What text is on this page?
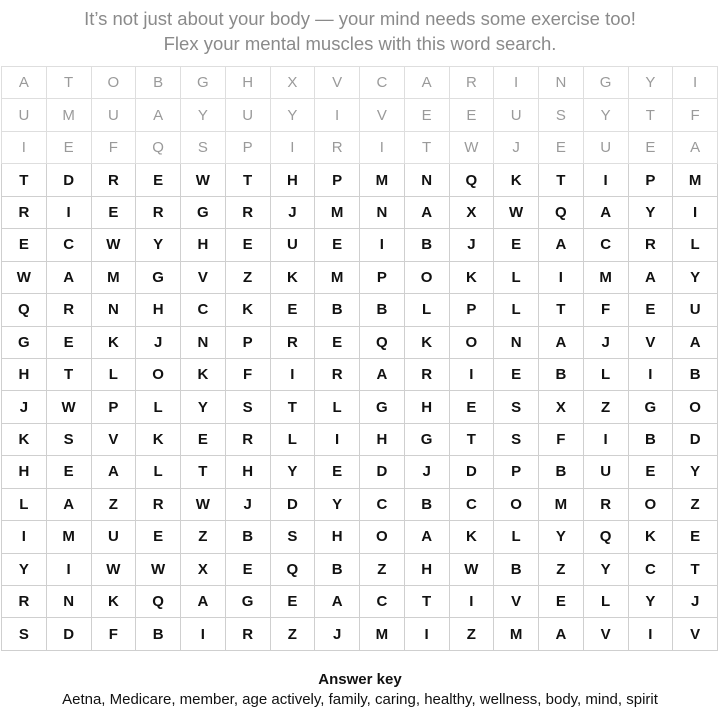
It’s not just about your body — your mind needs some exercise too!
Flex your mental muscles with this word search.
A	T	O	B	G	H	X	V	C	A	R	I	N	G	Y	I
U	M	U	A	Y	U	Y	I	V	E	E	U	S	Y	T	F
I	E	F	Q	S	P	I	R	I	T	W	J	E	U	E	A
T	D	R	E	W	T	H	P	M	N	Q	K	T	I	P	M
R	I	E	R	G	R	J	M	N	A	X	W	Q	A	Y	I
E	C	W	Y	H	E	U	E	I	B	J	E	A	C	R	L
W	A	M	G	V	Z	K	M	P	O	K	L	I	M	A	Y
Q	R	N	H	C	K	E	B	B	L	P	L	T	F	E	U
G	E	K	J	N	P	R	E	Q	K	O	N	A	J	V	A
H	T	L	O	K	F	I	R	A	R	I	E	B	L	I	B
J	W	P	L	Y	S	T	L	G	H	E	S	X	Z	G	O
K	S	V	K	E	R	L	I	H	G	T	S	F	I	B	D
H	E	A	L	T	H	Y	E	D	J	D	P	B	U	E	Y
L	A	Z	R	W	J	D	Y	C	B	C	O	M	R	O	Z
I	M	U	E	Z	B	S	H	O	A	K	L	Y	Q	K	E
Y	I	W	W	X	E	Q	B	Z	H	W	B	Z	Y	C	T
R	N	K	Q	A	G	E	A	C	T	I	V	E	L	Y	J
S	D	F	B	I	R	Z	J	M	I	Z	M	A	V	I	V
Answer key
Aetna, Medicare, member, age actively, family, caring, healthy, wellness, body, mind, spirit
